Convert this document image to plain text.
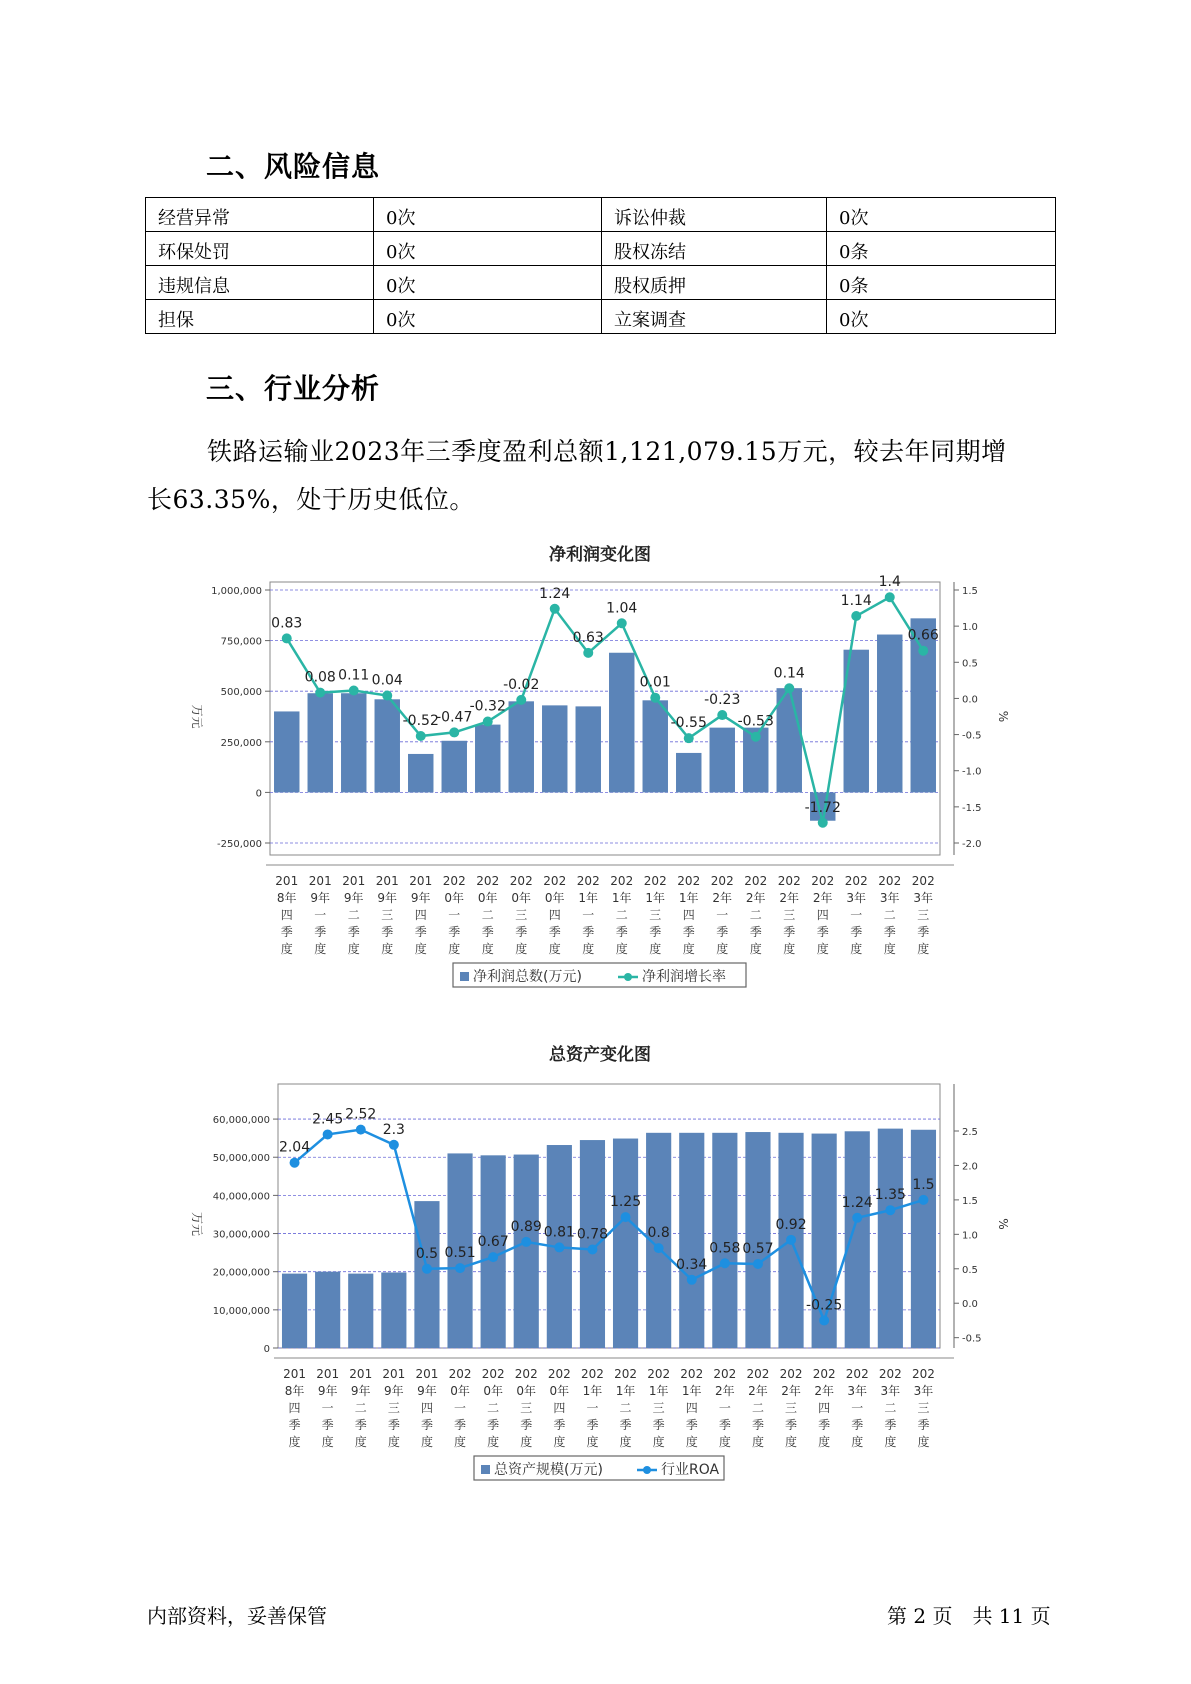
二、风险信息
经营异常	0次	诉讼仲裁	0次
环保处罚	0次	股权冻结	0条
违规信息	0次	股权质押	0条
担保	0次	立案调查	0次
三、行业分析
铁路运输业2023年三季度盈利总额1,121,079.15万元，较去年同期增
长63.35%，处于历史低位。
净利润变化图
-250,000
0
250,000
500,000
750,000
1,000,000
-2.0
-1.5
-1.0
-0.5
0.0
0.5
1.0
1.5
万元	%
0.83
0.08 0.11 0.04
-0.52
-0.47
-0.32
-0.02
1.24
0.63
1.04
0.01
-0.55
-0.23
-0.53
0.14
-1.72
1.14
1.4
0.66
201
8年
四
季
度
201
9年
一
季
度
201
9年
二
季
度
201
9年
三
季
度
201
9年
四
季
度
202
0年
一
季
度
202
0年
二
季
度
202
0年
三
季
度
202
0年
四
季
度
202
1年
一
季
度
202
1年
二
季
度
202
1年
三
季
度
202
1年
四
季
度
202
2年
一
季
度
202
2年
二
季
度
202
2年
三
季
度
202
2年
四
季
度
202
3年
一
季
度
202
3年
二
季
度
202
3年
三
季
度
净利润总数(万元)	净利润增长率
总资产变化图
0
10,000,000
20,000,000
30,000,000
40,000,000
50,000,000
60,000,000
-0.5
0.0
0.5
1.0
1.5
2.0
2.5
万元	%
2.04
2.45 2.52
2.3
0.5 0.51
0.67
0.89 0.81 0.78
1.25
0.8
0.34
0.58 0.57
0.92
-0.25
1.24 1.35
1.5
201
8年
四
季
度
201
9年
一
季
度
201
9年
二
季
度
201
9年
三
季
度
201
9年
四
季
度
202
0年
一
季
度
202
0年
二
季
度
202
0年
三
季
度
202
0年
四
季
度
202
1年
一
季
度
202
1年
二
季
度
202
1年
三
季
度
202
1年
四
季
度
202
2年
一
季
度
202
2年
二
季
度
202
2年
三
季
度
202
2年
四
季
度
202
3年
一
季
度
202
3年
二
季
度
202
3年
三
季
度
总资产规模(万元)	行业ROA
内部资料，妥善保管	第 2 页　共 11 页
